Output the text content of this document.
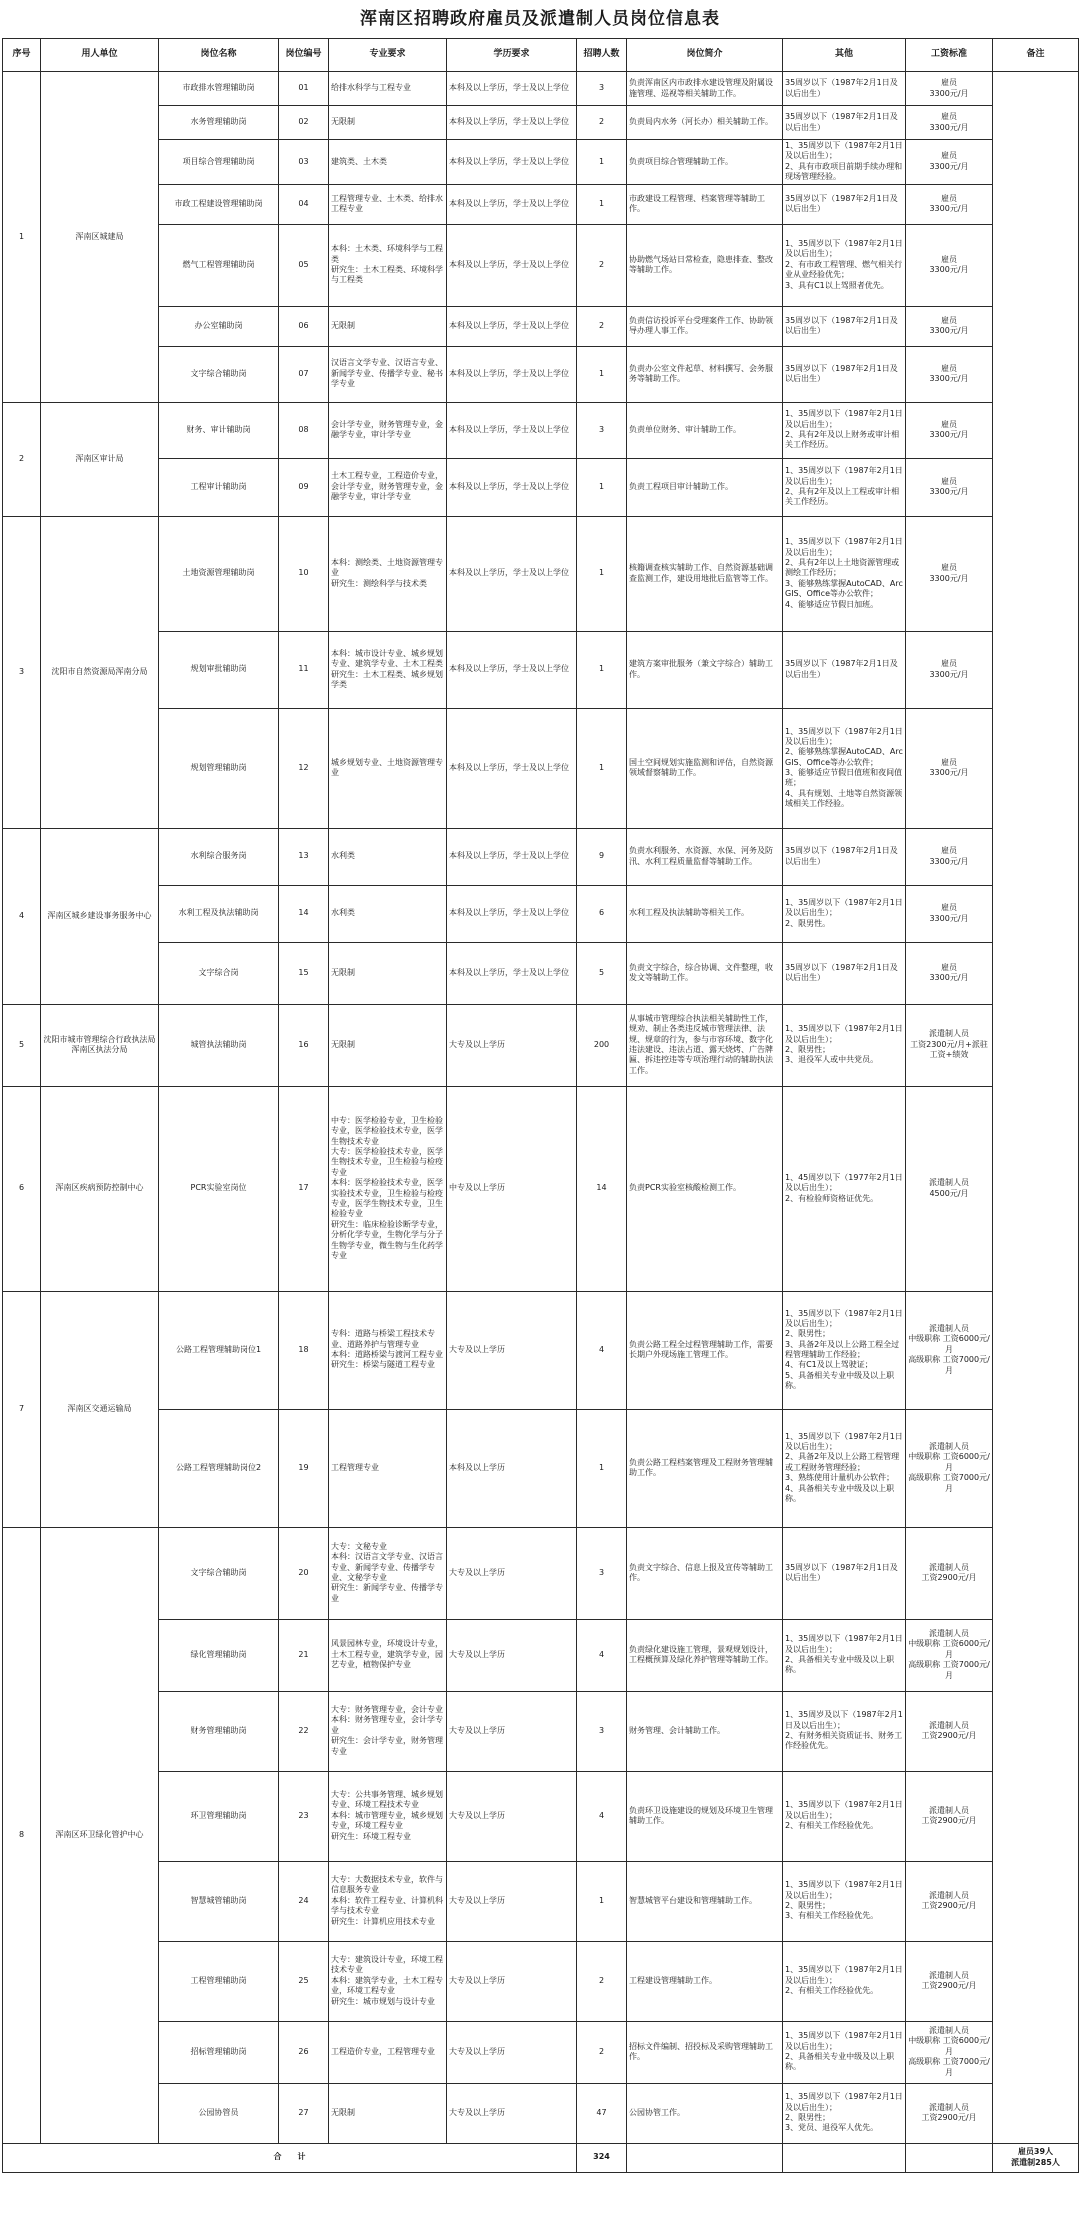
浑南区招聘政府雇员及派遣制人员岗位信息表
序号	用人单位	岗位名称	岗位编号	专业要求	学历要求	招聘人数	岗位简介	其他	工资标准	备注
1	浑南区城建局	市政排水管理辅助岗	01	给排水科学与工程专业	本科及以上学历，学士及以上学位	3	负责浑南区内市政排水建设管理及附属设施管理、巡视等相关辅助工作。	35周岁以下（1987年2月1日及以后出生）	雇员
3300元/月	
		水务管理辅助岗	02	无限制	本科及以上学历，学士及以上学位	2	负责局内水务（河长办）相关辅助工作。	35周岁以下（1987年2月1日及以后出生）	雇员
3300元/月	
		项目综合管理辅助岗	03	建筑类、土木类	本科及以上学历，学士及以上学位	1	负责项目综合管理辅助工作。	1、35周岁以下（1987年2月1日及以后出生）；
2、具有市政项目前期手续办理和现场管理经验。	雇员
3300元/月	
		市政工程建设管理辅助岗	04	工程管理专业、土木类、给排水工程专业	本科及以上学历，学士及以上学位	1	市政建设工程管理、档案管理等辅助工作。	35周岁以下（1987年2月1日及以后出生）	雇员
3300元/月	
		燃气工程管理辅助岗	05	本科：土木类、环境科学与工程类
研究生：土木工程类、环境科学与工程类	本科及以上学历，学士及以上学位	2	协助燃气场站日常检查，隐患排查、整改等辅助工作。	1、35周岁以下（1987年2月1日及以后出生）；
2、有市政工程管理、燃气相关行业从业经验优先；
3、具有C1以上驾照者优先。	雇员
3300元/月	
		办公室辅助岗	06	无限制	本科及以上学历，学士及以上学位	2	负责信访投诉平台受理案件工作、协助领导办理人事工作。	35周岁以下（1987年2月1日及以后出生）	雇员
3300元/月	
		文字综合辅助岗	07	汉语言文学专业、汉语言专业、新闻学专业、传播学专业、秘书学专业	本科及以上学历，学士及以上学位	1	负责办公室文件起草、材料撰写、会务服务等辅助工作。	35周岁以下（1987年2月1日及以后出生）	雇员
3300元/月	
2	浑南区审计局	财务、审计辅助岗	08	会计学专业，财务管理专业，金融学专业，审计学专业	本科及以上学历，学士及以上学位	3	负责单位财务、审计辅助工作。	1、35周岁以下（1987年2月1日及以后出生）；
2、具有2年及以上财务或审计相关工作经历。	雇员
3300元/月	
		工程审计辅助岗	09	土木工程专业，工程造价专业，会计学专业，财务管理专业，金融学专业，审计学专业	本科及以上学历，学士及以上学位	1	负责工程项目审计辅助工作。	1、35周岁以下（1987年2月1日及以后出生）；
2、具有2年及以上工程或审计相关工作经历。	雇员
3300元/月	
3	沈阳市自然资源局浑南分局	土地资源管理辅助岗	10	本科：测绘类、土地资源管理专业
研究生：测绘科学与技术类	本科及以上学历，学士及以上学位	1	核籍调查核实辅助工作、自然资源基础调查监测工作，建设用地批后监管等工作。	1、35周岁以下（1987年2月1日及以后出生）；
2、具有2年以上土地资源管理或测绘工作经历；
3、能够熟练掌握AutoCAD、ArcGIS、Office等办公软件；
4、能够适应节假日加班。	雇员
3300元/月	
		规划审批辅助岗	11	本科：城市设计专业、城乡规划专业、建筑学专业、土木工程类
研究生：土木工程类、城乡规划学类	本科及以上学历，学士及以上学位	1	建筑方案审批服务（兼文字综合）辅助工作。	35周岁以下（1987年2月1日及以后出生）	雇员
3300元/月	
		规划管理辅助岗	12	城乡规划专业、土地资源管理专业	本科及以上学历，学士及以上学位	1	国土空间规划实施监测和评估，自然资源领域督察辅助工作。	1、35周岁以下（1987年2月1日及以后出生）；
2、能够熟练掌握AutoCAD、ArcGIS、Office等办公软件；
3、能够适应节假日值班和夜间值班；
4、具有规划、土地等自然资源领域相关工作经验。	雇员
3300元/月	
4	浑南区城乡建设事务服务中心	水利综合服务岗	13	水利类	本科及以上学历，学士及以上学位	9	负责水利服务、水资源、水保、河务及防汛、水利工程质量监督等辅助工作。	35周岁以下（1987年2月1日及以后出生）	雇员
3300元/月	
		水利工程及执法辅助岗	14	水利类	本科及以上学历，学士及以上学位	6	水利工程及执法辅助等相关工作。	1、35周岁以下（1987年2月1日及以后出生）；
2、限男性。	雇员
3300元/月	
		文字综合岗	15	无限制	本科及以上学历，学士及以上学位	5	负责文字综合，综合协调、文件整理，收发文等辅助工作。	35周岁以下（1987年2月1日及以后出生）	雇员
3300元/月	
5	沈阳市城市管理综合行政执法局浑南区执法分局	城管执法辅助岗	16	无限制	大专及以上学历	200	从事城市管理综合执法相关辅助性工作，规劝、制止各类违反城市管理法律、法规、规章的行为，参与市容环境、数字化违法建设、违法占道、露天烧烤、广告牌匾、拆违控违等专项治理行动的辅助执法工作。	1、35周岁以下（1987年2月1日及以后出生）；
2、限男性；
3、退役军人或中共党员。	派遣制人员
工资2300元/月+派驻工资+绩效	
6	浑南区疾病预防控制中心	PCR实验室岗位	17	中专：医学检验专业，卫生检验专业，医学检验技术专业，医学生物技术专业
大专：医学检验技术专业，医学生物技术专业，卫生检验与检疫专业
本科：医学检验技术专业，医学实验技术专业，卫生检验与检疫专业，医学生物技术专业，卫生检验专业
研究生：临床检验诊断学专业，分析化学专业，生物化学与分子生物学专业，微生物与生化药学专业	中专及以上学历	14	负责PCR实验室核酸检测工作。	1、45周岁以下（1977年2月1日及以后出生）；
2、有检验师资格证优先。	派遣制人员
4500元/月	
7	浑南区交通运输局	公路工程管理辅助岗位1	18	专科：道路与桥梁工程技术专业、道路养护与管理专业
本科：道路桥梁与渡河工程专业
研究生：桥梁与隧道工程专业	大专及以上学历	4	负责公路工程全过程管理辅助工作，需要长期户外现场施工管理工作。	1、35周岁以下（1987年2月1日及以后出生）；
2、限男性；
3、具备2年及以上公路工程全过程管理辅助工作经验；
4、有C1及以上驾驶证；
5、具备相关专业中级及以上职称。	派遣制人员
中级职称 工资6000元/月
高级职称 工资7000元/月	
		公路工程管理辅助岗位2	19	工程管理专业	本科及以上学历	1	负责公路工程档案管理及工程财务管理辅助工作。	1、35周岁以下（1987年2月1日及以后出生）；
2、具备2年及以上公路工程管理或工程财务管理经验；
3、熟练使用计量机办公软件；
4、具备相关专业中级及以上职称。	派遣制人员
中级职称 工资6000元/月
高级职称 工资7000元/月	
8	浑南区环卫绿化管护中心	文字综合辅助岗	20	大专：文秘专业
本科：汉语言文学专业、汉语言专业、新闻学专业、传播学专业、文秘学专业
研究生：新闻学专业、传播学专业	大专及以上学历	3	负责文字综合、信息上报及宣传等辅助工作。	35周岁以下（1987年2月1日及以后出生）	派遣制人员
工资2900元/月	
		绿化管理辅助岗	21	风景园林专业，环境设计专业，土木工程专业，建筑学专业，园艺专业，植物保护专业	大专及以上学历	4	负责绿化建设施工管理，景观规划设计，工程概预算及绿化养护管理等辅助工作。	1、35周岁以下（1987年2月1日及以后出生）；
2、具备相关专业中级及以上职称。	派遣制人员
中级职称 工资6000元/月
高级职称 工资7000元/月	
		财务管理辅助岗	22	大专：财务管理专业，会计专业
本科：财务管理专业，会计学专业
研究生：会计学专业，财务管理专业	大专及以上学历	3	财务管理、会计辅助工作。	1、35周岁及以下（1987年2月1日及以后出生）；
2、有财务相关资质证书、财务工作经验优先。	派遣制人员
工资2900元/月	
		环卫管理辅助岗	23	大专：公共事务管理、城乡规划专业、环境工程技术专业
本科：城市管理专业，城乡规划专业，环境工程专业
研究生：环境工程专业	大专及以上学历	4	负责环卫设施建设的规划及环境卫生管理辅助工作。	1、35周岁以下（1987年2月1日及以后出生）；
2、有相关工作经验优先。	派遣制人员
工资2900元/月	
		智慧城管辅助岗	24	大专：大数据技术专业，软件与信息服务专业
本科：软件工程专业、计算机科学与技术专业
研究生：计算机应用技术专业	大专及以上学历	1	智慧城管平台建设和管理辅助工作。	1、35周岁以下（1987年2月1日及以后出生）；
2、限男性；
3、有相关工作经验优先。	派遣制人员
工资2900元/月	
		工程管理辅助岗	25	大专：建筑设计专业，环境工程技术专业
本科：建筑学专业，土木工程专业，环境工程专业
研究生：城市规划与设计专业	大专及以上学历	2	工程建设管理辅助工作。	1、35周岁以下（1987年2月1日及以后出生）；
2、有相关工作经验优先。	派遣制人员
工资2900元/月	
		招标管理辅助岗	26	工程造价专业，工程管理专业	大专及以上学历	2	招标文件编制、招投标及采购管理辅助工作。	1、35周岁以下（1987年2月1日及以后出生）；
2、具备相关专业中级及以上职称。	派遣制人员
中级职称 工资6000元/月
高级职称 工资7000元/月	
		公园协管员	27	无限制	大专及以上学历	47	公园协管工作。	1、35周岁以下（1987年2月1日及以后出生）；
2、限男性；
3、党员、退役军人优先。	派遣制人员
工资2900元/月	
合　　计						324				雇员39人
派遣制285人
